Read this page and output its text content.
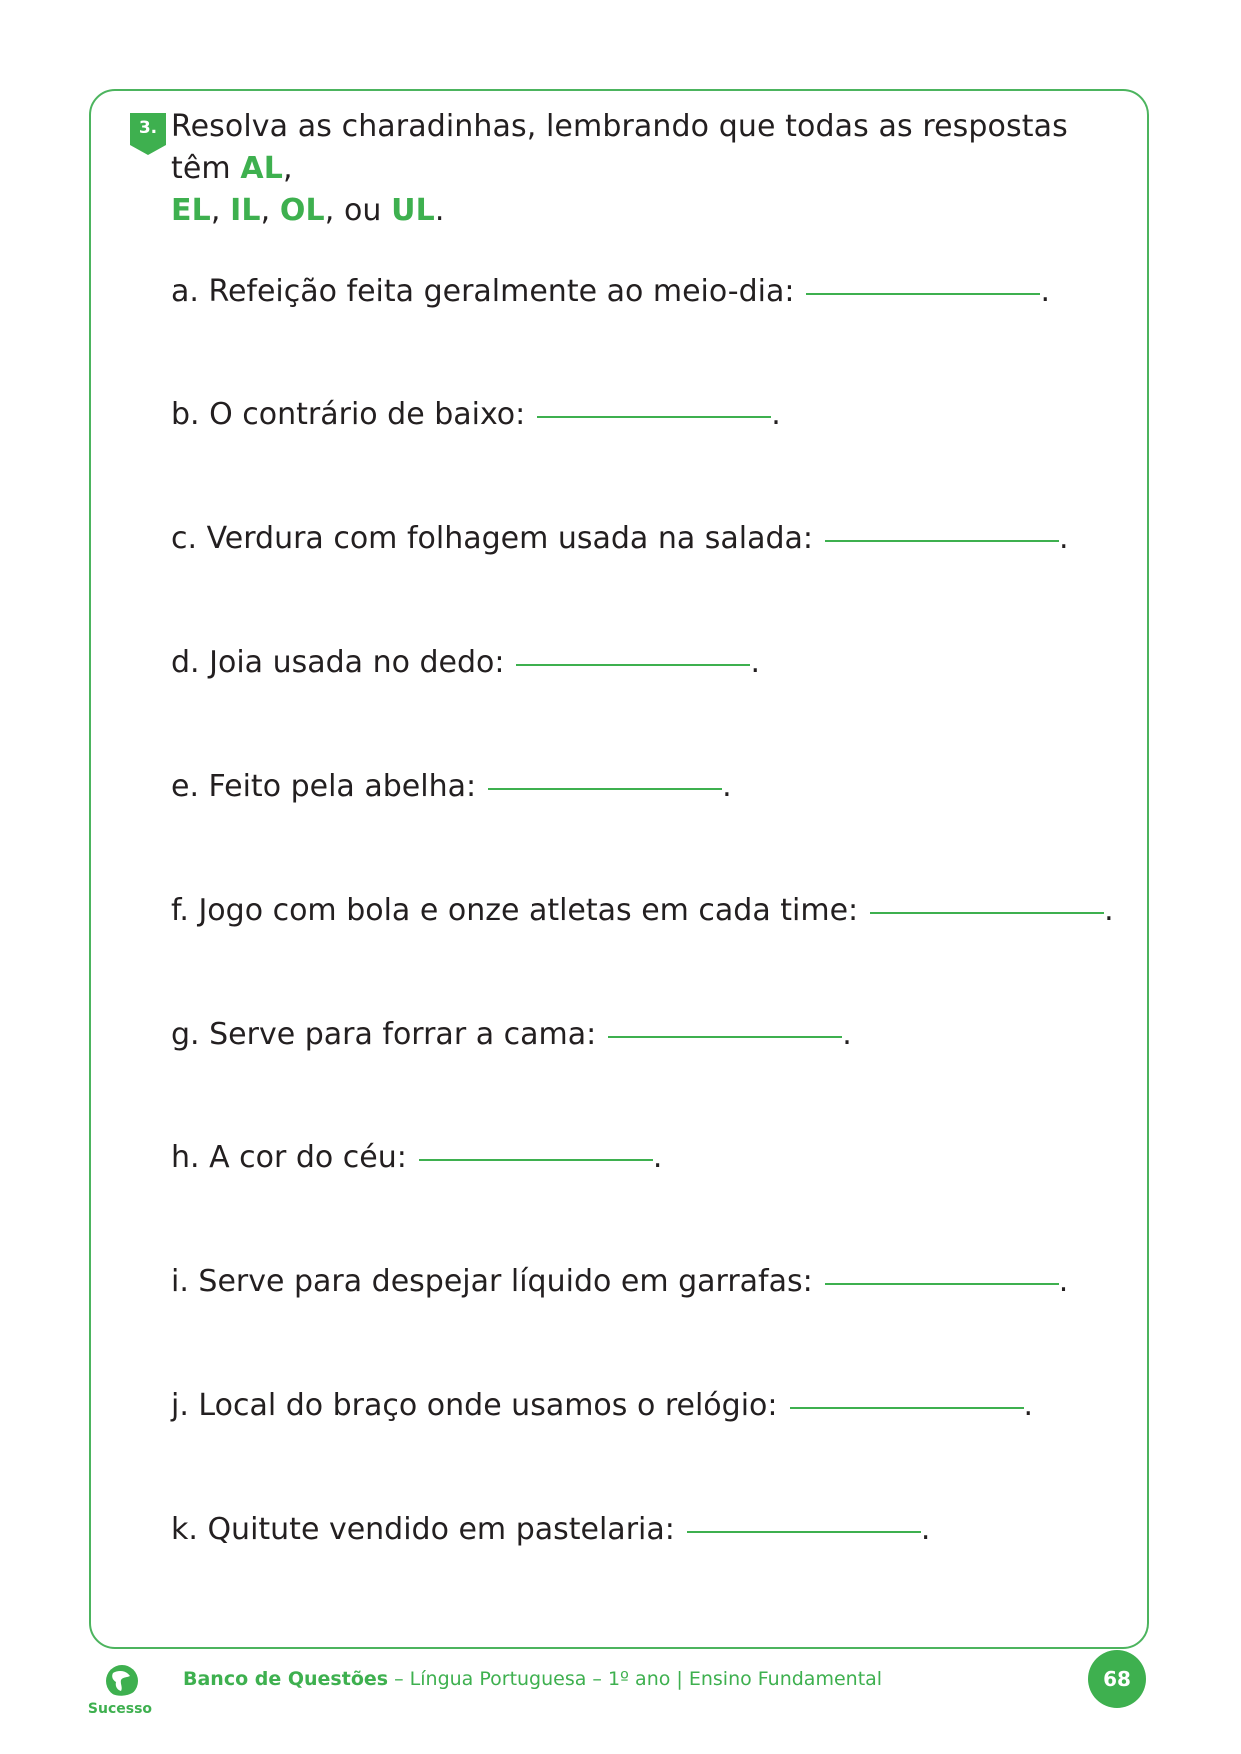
3. Resolva as charadinhas, lembrando que todas as respostas têm AL,
EL, IL, OL, ou UL.
a. Refeição feita geralmente ao meio-dia:	.
b. O contrário de baixo:	.
c. Verdura com folhagem usada na salada:	.
d. Joia usada no dedo:	.
e. Feito pela abelha:	.
f. Jogo com bola e onze atletas em cada time:	.
g. Serve para forrar a cama:	.
h. A cor do céu:	.
i. Serve para despejar líquido em garrafas:	.
j. Local do braço onde usamos o relógio:	.
k. Quitute vendido em pastelaria:	.
Sucesso
Banco de Questões – Língua Portuguesa – 1º ano | Ensino Fundamental	68
